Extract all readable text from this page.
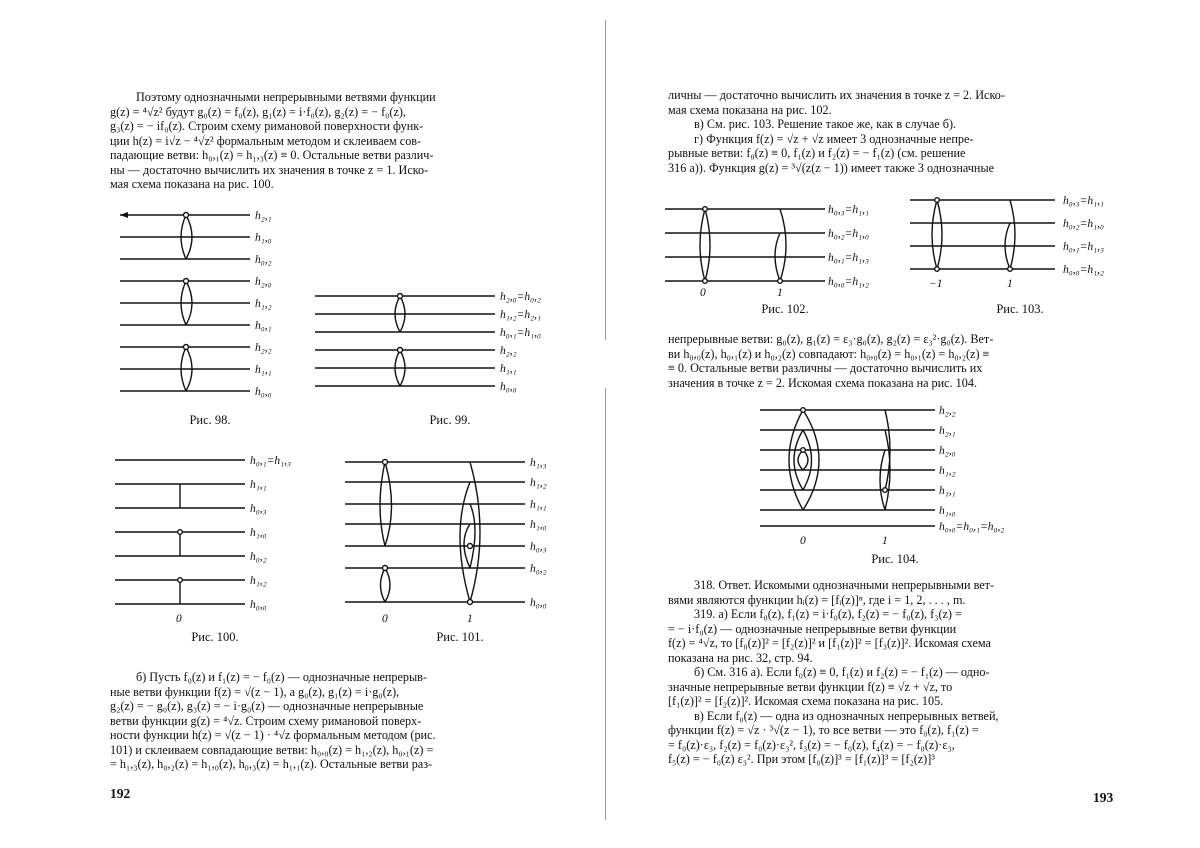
Поэтому однозначными непрерывными ветвями функции

g(z) = ⁴√z² будут g₀(z) = f₀(z), g₁(z) = i·f₀(z), g₂(z) = − f₀(z),

g₃(z) = − if₀(z). Строим схему римановой поверхности функ-

ции h(z) = i√z − ⁴√z² формальным методом и склеиваем сов-

падающие ветви: h₀,₁(z) = h₁,₃(z) ≡ 0. Остальные ветви различ-

ны — достаточно вычислить их значения в точке z = 1. Иско-

мая схема показана на рис. 100.

h₂,₁
h₁,₀
h₀,₂
h₂,₀
h₁,₂
h₀,₁
h₂,₂
h₁,₁
h₀,₀
Рис. 98.
h₂,₀=h₀,₂
h₁,₂=h₂,₁
h₀,₁=h₁,₀
h₂,₂
h₁,₁
h₀,₀
Рис. 99.
h₀,₁=h₁,₃
h₁,₁
h₀,₃
h₁,₀
h₀,₂
h₁,₂
h₀,₀
0
Рис. 100.
h₁,₃
h₁,₂
h₁,₁
h₁,₀
h₀,₃
h₀,₂
h₀,₀
0	1
Рис. 101.

б) Пусть f₀(z) и f₁(z) = − f₀(z) — однозначные непрерыв-

ные ветви функции f(z) = √(z − 1), а g₀(z), g₁(z) = i·g₀(z),

g₂(z) = − g₀(z), g₃(z) = − i·g₀(z) — однозначные непрерывные

ветви функции g(z) = ⁴√z. Строим схему римановой поверх-

ности функции h(z) = √(z − 1) · ⁴√z формальным методом (рис.

101) и склеиваем совпадающие ветви: h₀,₀(z) = h₁,₂(z), h₀,₁(z) =

= h₁,₃(z), h₀,₂(z) = h₁,₀(z), h₀,₃(z) = h₁,₁(z). Остальные ветви раз-

192

личны — достаточно вычислить их значения в точке z = 2. Иско-

мая схема показана на рис. 102.

в) См. рис. 103. Решение такое же, как в случае б).

г) Функция f(z) = √z + √z имеет 3 однозначные непре-

рывные ветви: f₀(z) ≡ 0, f₁(z) и f₂(z) = − f₁(z) (см. решение

316 а)). Функция g(z) = ³√(z(z − 1)) имеет также 3 однозначные

h₀,₃=h₁,₁
h₀,₂=h₁,₀
h₀,₁=h₁,₃
h₀,₀=h₁,₂
0	1
Рис. 102.
h₀,₃=h₁,₁
h₀,₂=h₁,₀
h₀,₁=h₁,₃
h₀,₀=h₁,₂
−1	1
Рис. 103.

непрерывные ветви: g₀(z), g₁(z) = ε₃·g₀(z), g₂(z) = ε₃²·g₀(z). Вет-

ви h₀,₀(z), h₀,₁(z) и h₀,₂(z) совпадают: h₀,₀(z) = h₀,₁(z) = h₀,₂(z) ≡

≡ 0. Остальные ветви различны — достаточно вычислить их

значения в точке z = 2. Искомая схема показана на рис. 104.

h₂,₂
h₂,₁
h₂,₀
h₁,₂
h₁,₁
h₁,₀
h₀,₀=h₀,₁=h₀,₂
0	1
Рис. 104.

318. Ответ. Искомыми однозначными непрерывными вет-

вями являются функции hᵢ(z) = [fᵢ(z)]ⁿ, где i = 1, 2, . . . , m.

319. а) Если f₀(z), f₁(z) = i·f₀(z), f₂(z) = − f₀(z), f₃(z) =

= − i·f₀(z) — однозначные непрерывные ветви функции

f(z) = ⁴√z, то [f₀(z)]² = [f₂(z)]² и [f₁(z)]² = [f₃(z)]². Искомая схема

показана на рис. 32, стр. 94.

б) См. 316 а). Если f₀(z) ≡ 0, f₁(z) и f₂(z) = − f₁(z) — одно-

значные непрерывные ветви функции f(z) ≡ √z + √z, то

[f₁(z)]² = [f₂(z)]². Искомая схема показана на рис. 105.

в) Если f₀(z) — одна из однозначных непрерывных ветвей,

функции f(z) = √z · ³√(z − 1), то все ветви — это f₀(z), f₁(z) =

= f₀(z)·ε₃, f₂(z) = f₀(z)·ε₃², f₃(z) = − f₀(z), f₄(z) = − f₀(z)·ε₃,

f₅(z) = − f₀(z) ε₃². При этом [f₀(z)]³ = [f₁(z)]³ = [f₂(z)]³

193
